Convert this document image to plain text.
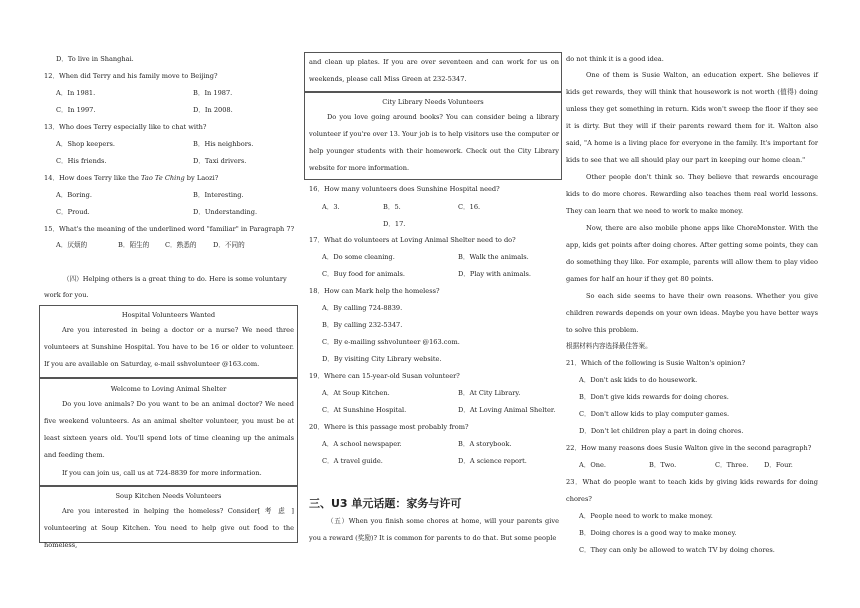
D．To live in Shanghai.
12．When did Terry and his family move to Beijing?
A．In 1981.	B．In 1987.
C．In 1997.	D．In 2008.
13．Who does Terry especially like to chat with?
A．Shop keepers.	B．His neighbors.
C．His friends.	D．Taxi drivers.
14．How does Terry like the Tao Te Ching by Laozi?
A．Boring.	B．Interesting.
C．Proud.	D．Understanding.
15．What's the meaning of the underlined word "familiar" in Paragraph 7?
A．厌烦的	B．陌生的 C．熟悉的	D．不同的
（四）Helping others is a great thing to do. Here is some voluntary
work for you.
Hospital Volunteers Wanted
Are you interested in being a doctor or a nurse? We need three volunteers at Sunshine Hospital. You have to be 16 or older to volunteer. If you are available on Saturday, e-mail sshvolunteer @163.com.
Welcome to Loving Animal Shelter
Do you love animals? Do you want to be an animal doctor? We need five weekend volunteers. As an animal shelter volunteer, you must be at least sixteen years old. You'll spend lots of time cleaning up the animals and feeding them.
If you can join us, call us at 724-8839 for more information.
Soup Kitchen Needs Volunteers
Are you interested in helping the homeless? Consider[ 考 虑 ] volunteering at Soup Kitchen. You need to help give out food to the homeless,
and clean up plates. If you are over seventeen and can work for us on weekends, please call Miss Green at 232-5347.
City Library Needs Volunteers
Do you love going around books? You can consider being a library volunteer if you're over 13. Your job is to help visitors use the computer or help younger students with their homework. Check out the City Library website for more information.
16．How many volunteers does Sunshine Hospital need?
A．3.	B．5.	C．16.
D．17.
17．What do volunteers at Loving Animal Shelter need to do?
A．Do some cleaning.	B．Walk the animals.
C．Buy food for animals.	D．Play with animals.
18．How can Mark help the homeless?
A．By calling 724-8839.
B．By calling 232-5347.
C．By e-mailing sshvolunteer @163.com.
D．By visiting City Library website.
19．Where can 15-year-old Susan volunteer?
A．At Soup Kitchen.	B．At City Library.
C．At Sunshine Hospital.	D．At Loving Animal Shelter.
20．Where is this passage most probably from?
A．A school newspaper.	B．A storybook.
C．A travel guide.	D．A science report.
三、U3 单元话题：家务与许可
（五）When you finish some chores at home, will your parents give you a reward (奖励)? It is common for parents to do that. But some people
do not think it is a good idea.
One of them is Susie Walton, an education expert. She believes if kids get rewards, they will think that housework is not worth (值得) doing unless they get something in return. Kids won't sweep the floor if they see it is dirty. But they will if their parents reward them for it. Walton also said, "A home is a living place for everyone in the family. It's important for kids to see that we all should play our part in keeping our home clean."
Other people don't think so. They believe that rewards encourage kids to do more chores. Rewarding also teaches them real world lessons. They can learn that we need to work to make money.
Now, there are also mobile phone apps like ChoreMonster. With the app, kids get points after doing chores. After getting some points, they can do something they like. For example, parents will allow them to play video games for half an hour if they get 80 points.
So each side seems to have their own reasons. Whether you give children rewards depends on your own ideas. Maybe you have better ways to solve this problem.
根据材料内容选择最佳答案。
21．Which of the following is Susie Walton's opinion?
A．Don't ask kids to do housework.
B．Don't give kids rewards for doing chores.
C．Don't allow kids to play computer games.
D．Don't let children play a part in doing chores.
22．How many reasons does Susie Walton give in the second paragraph?
A．One.	B．Two.	C．Three. D．Four.
23．What do people want to teach kids by giving kids rewards for doing chores?
A．People need to work to make money.
B．Doing chores is a good way to make money.
C．They can only be allowed to watch TV by doing chores.
